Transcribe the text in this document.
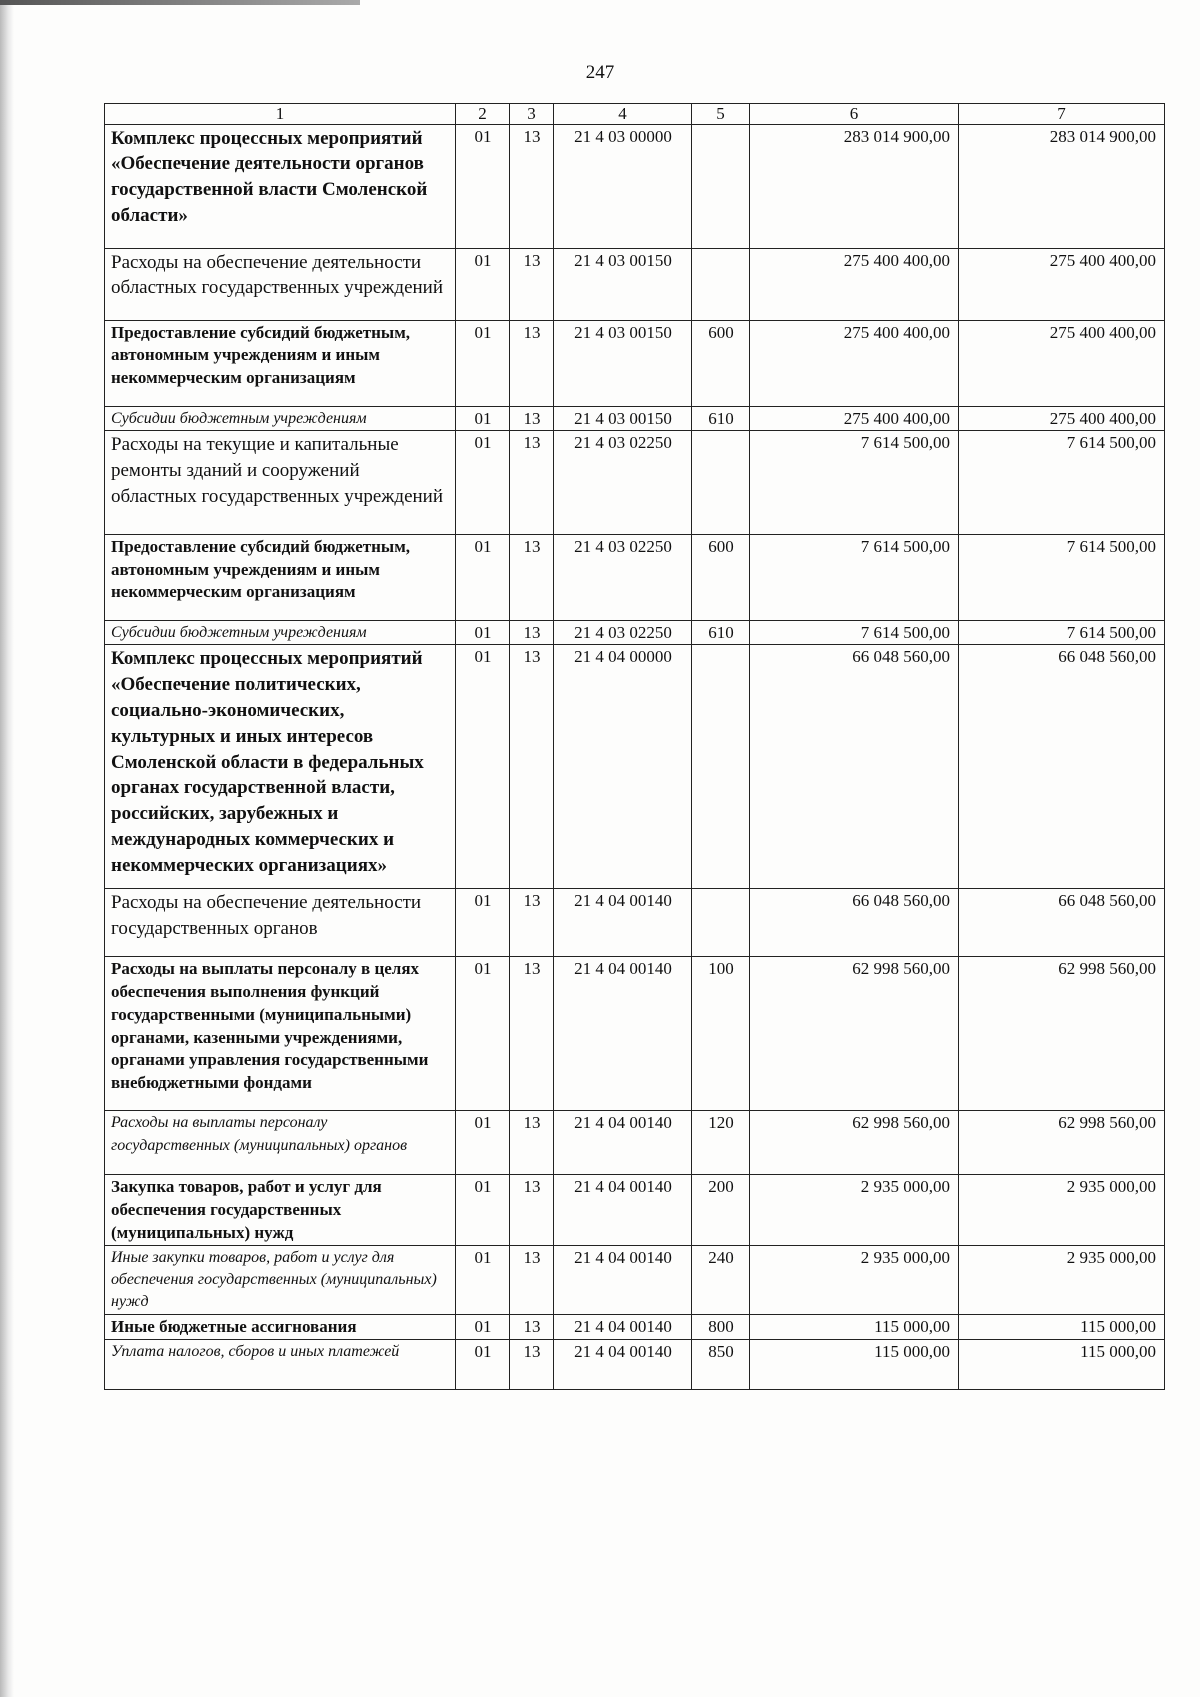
247
1	2	3	4	5	6	7
Комплекс процессных мероприятий «Обеспечение деятельности органов государственной власти Смоленской области»	01	13	21 4 03 00000		283 014 900,00	283 014 900,00
Расходы на обеспечение деятельности областных государственных учреждений	01	13	21 4 03 00150		275 400 400,00	275 400 400,00
Предоставление субсидий бюджетным, автономным учреждениям и иным некоммерческим организациям	01	13	21 4 03 00150	600	275 400 400,00	275 400 400,00
Субсидии бюджетным учреждениям	01	13	21 4 03 00150	610	275 400 400,00	275 400 400,00
Расходы на текущие и капитальные ремонты зданий и сооружений областных государственных учреждений	01	13	21 4 03 02250		7 614 500,00	7 614 500,00
Предоставление субсидий бюджетным, автономным учреждениям и иным некоммерческим организациям	01	13	21 4 03 02250	600	7 614 500,00	7 614 500,00
Субсидии бюджетным учреждениям	01	13	21 4 03 02250	610	7 614 500,00	7 614 500,00
Комплекс процессных мероприятий «Обеспечение политических, социально-экономических, культурных и иных интересов Смоленской области в федеральных органах государственной власти, российских, зарубежных и международных коммерческих и некоммерческих организациях»	01	13	21 4 04 00000		66 048 560,00	66 048 560,00
Расходы на обеспечение деятельности государственных органов	01	13	21 4 04 00140		66 048 560,00	66 048 560,00
Расходы на выплаты персоналу в целях обеспечения выполнения функций государственными (муниципальными) органами, казенными учреждениями, органами управления государственными внебюджетными фондами	01	13	21 4 04 00140	100	62 998 560,00	62 998 560,00
Расходы на выплаты персоналу государственных (муниципальных) органов	01	13	21 4 04 00140	120	62 998 560,00	62 998 560,00
Закупка товаров, работ и услуг для обеспечения государственных (муниципальных) нужд	01	13	21 4 04 00140	200	2 935 000,00	2 935 000,00
Иные закупки товаров, работ и услуг для обеспечения государственных (муниципальных) нужд	01	13	21 4 04 00140	240	2 935 000,00	2 935 000,00
Иные бюджетные ассигнования	01	13	21 4 04 00140	800	115 000,00	115 000,00
Уплата налогов, сборов и иных платежей	01	13	21 4 04 00140	850	115 000,00	115 000,00
